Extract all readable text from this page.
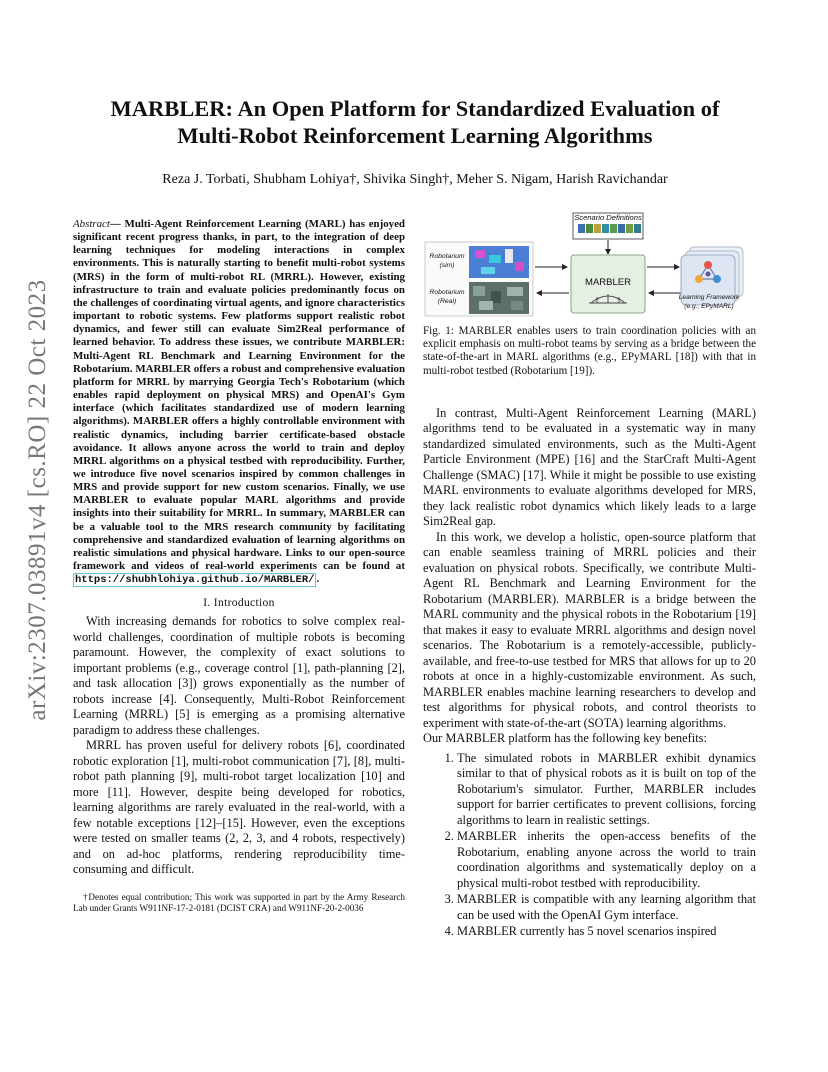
arXiv:2307.03891v4 [cs.RO] 22 Oct 2023
MARBLER: An Open Platform for Standardized Evaluation of Multi-Robot Reinforcement Learning Algorithms
Reza J. Torbati, Shubham Lohiya†, Shivika Singh†, Meher S. Nigam, Harish Ravichandar

Abstract— Multi-Agent Reinforcement Learning (MARL) has enjoyed significant recent progress thanks, in part, to the integration of deep learning techniques for modeling interactions in complex environments. This is naturally starting to benefit multi-robot systems (MRS) in the form of multi-robot RL (MRRL). However, existing infrastructure to train and evaluate policies predominantly focus on the challenges of coordinating virtual agents, and ignore characteristics important to robotic systems. Few platforms support realistic robot dynamics, and fewer still can evaluate Sim2Real performance of learned behavior. To address these issues, we contribute MARBLER: Multi-Agent RL Benchmark and Learning Environment for the Robotarium. MARBLER offers a robust and comprehensive evaluation platform for MRRL by marrying Georgia Tech's Robotarium (which enables rapid deployment on physical MRS) and OpenAI's Gym interface (which facilitates standardized use of modern learning algorithms). MARBLER offers a highly controllable environment with realistic dynamics, including barrier certificate-based obstacle avoidance. It allows anyone across the world to train and deploy MRRL algorithms on a physical testbed with reproducibility. Further, we introduce five novel scenarios inspired by common challenges in MRS and provide support for new custom scenarios. Finally, we use MARBLER to evaluate popular MARL algorithms and provide insights into their suitability for MRRL. In summary, MARBLER can be a valuable tool to the MRS research community by facilitating comprehensive and standardized evaluation of learning algorithms on realistic simulations and physical hardware. Links to our open-source framework and videos of real-world experiments can be found at https://shubhlohiya.github.io/MARBLER/ .

I. Introduction

With increasing demands for robotics to solve complex real-world challenges, coordination of multiple robots is becoming paramount. However, the complexity of exact solutions to important problems (e.g., coverage control [1], path-planning [2], and task allocation [3]) grows exponentially as the number of robots increase [4]. Consequently, Multi-Robot Reinforcement Learning (MRRL) [5] is emerging as a promising alternative paradigm to address these challenges.

MRRL has proven useful for delivery robots [6], coordinated robotic exploration [1], multi-robot communication [7], [8], multi-robot path planning [9], multi-robot target localization [10] and more [11]. However, despite being developed for robotics, learning algorithms are rarely evaluated in the real-world, with a few notable exceptions [12]–[15]. However, even the exceptions were tested on smaller teams (2, 2, 3, and 4 robots, respectively) and on ad-hoc platforms, rendering reproducibility time-consuming and difficult.

†Denotes equal contribution; This work was supported in part by the Army Research Lab under Grants W911NF-17-2-0181 (DCIST CRA) and W911NF-20-2-0036
Scenario Definitions
Robotarium
(sim)
Robotarium
(Real)
MARBLER
Learning Framework
(e.g., EPyMARL)

Fig. 1: MARBLER enables users to train coordination policies with an explicit emphasis on multi-robot teams by serving as a bridge between the state-of-the-art in MARL algorithms (e.g., EPyMARL [18]) with that in multi-robot testbed (Robotarium [19]).

In contrast, Multi-Agent Reinforcement Learning (MARL) algorithms tend to be evaluated in a systematic way in many standardized simulated environments, such as the Multi-Agent Particle Environment (MPE) [16] and the StarCraft Multi-Agent Challenge (SMAC) [17]. While it might be possible to use existing MARL environments to evaluate algorithms developed for MRS, they lack realistic robot dynamics which likely leads to a large Sim2Real gap.

In this work, we develop a holistic, open-source platform that can enable seamless training of MRRL policies and their evaluation on physical robots. Specifically, we contribute Multi-Agent RL Benchmark and Learning Environment for the Robotarium (MARBLER). MARBLER is a bridge between the MARL community and the physical robots in the Robotarium [19] that makes it easy to evaluate MRRL algorithms and design novel scenarios. The Robotarium is a remotely-accessible, publicly-available, and free-to-use testbed for MRS that allows for up to 20 robots at once in a highly-customizable environment. As such, MARBLER enables machine learning researchers to develop and test algorithms for physical robots, and control theorists to experiment with state-of-the-art (SOTA) learning algorithms.

Our MARBLER platform has the following key benefits:

1. The simulated robots in MARBLER exhibit dynamics similar to that of physical robots as it is built on top of the Robotarium's simulator. Further, MARBLER includes support for barrier certificates to prevent collisions, forcing algorithms to learn in realistic settings.
2. MARBLER inherits the open-access benefits of the Robotarium, enabling anyone across the world to train coordination algorithms and systematically deploy on a physical multi-robot testbed with reproducibility.
3. MARBLER is compatible with any learning algorithm that can be used with the OpenAI Gym interface.
4. MARBLER currently has 5 novel scenarios inspired
